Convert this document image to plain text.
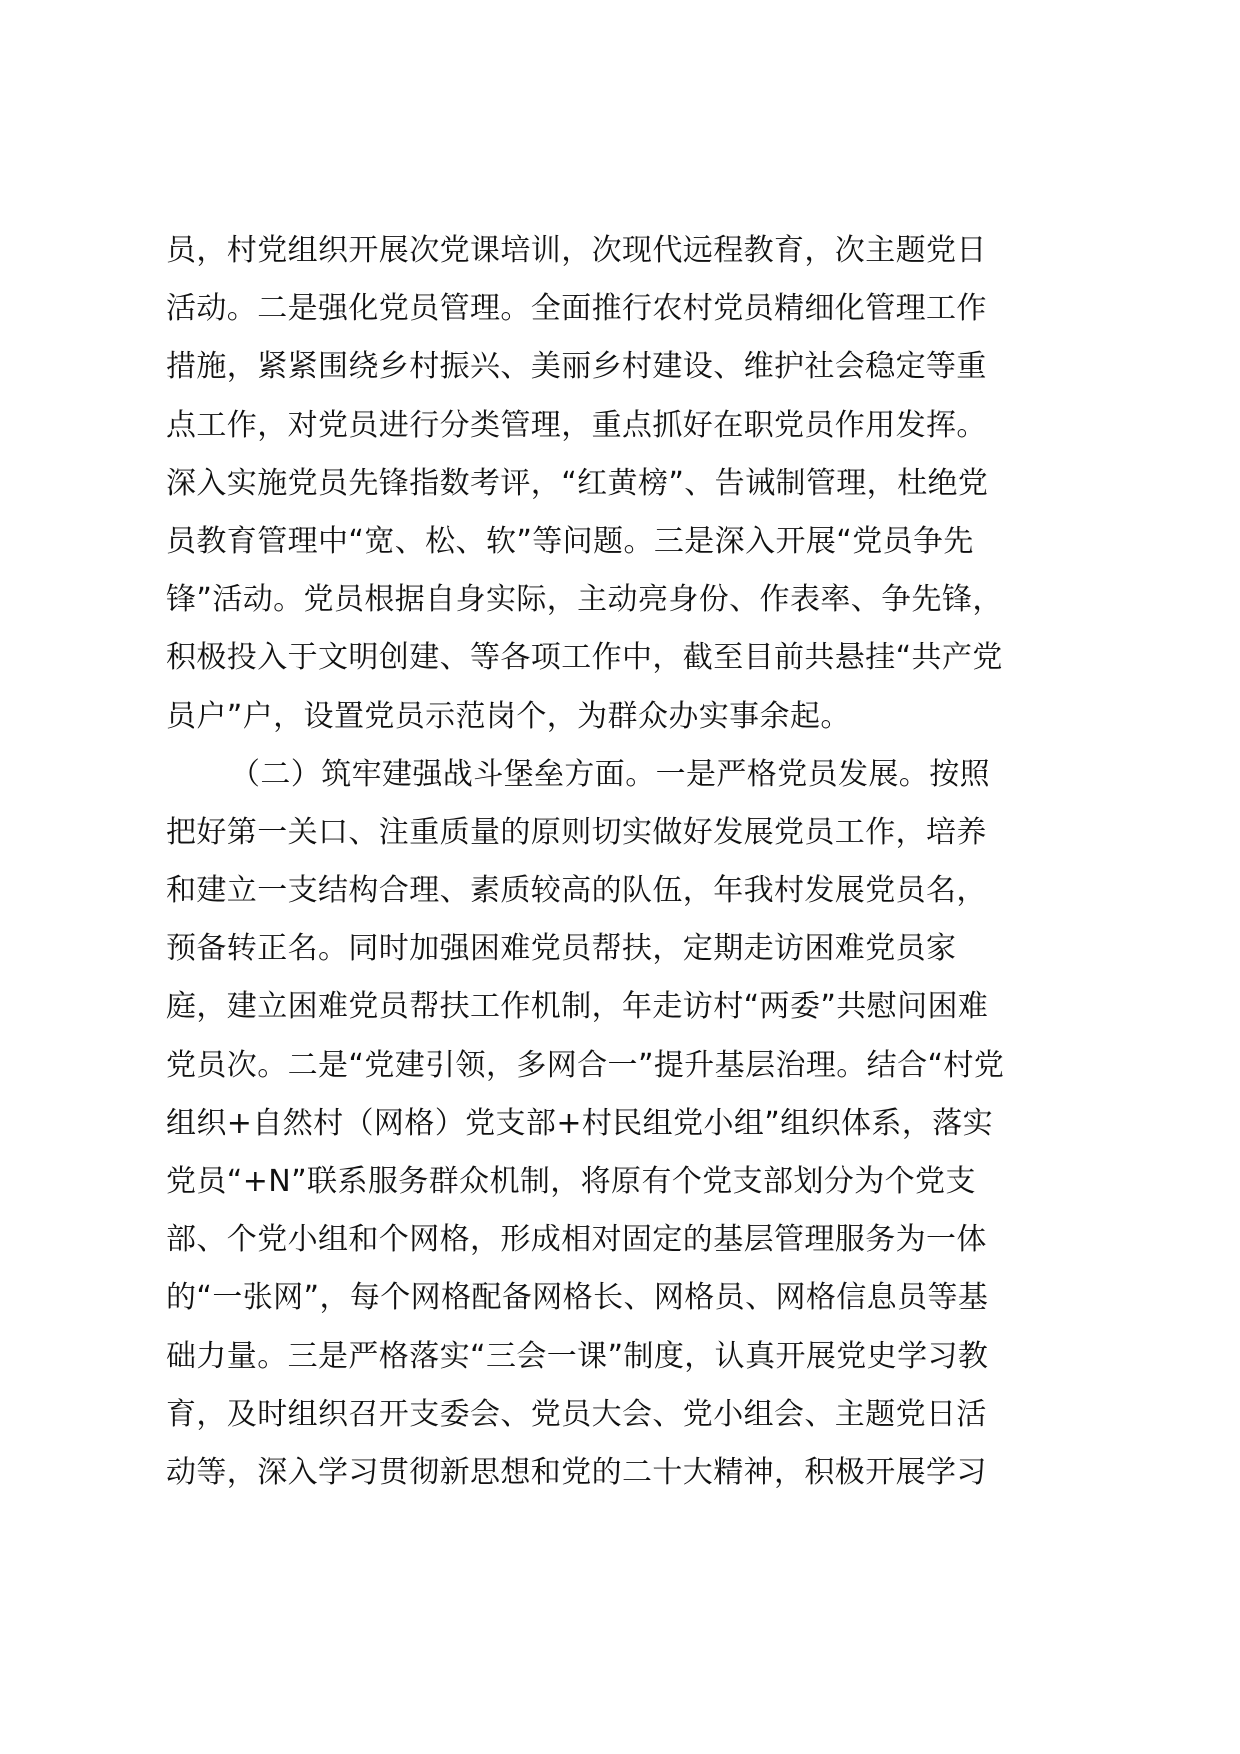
员，村党组织开展次党课培训，次现代远程教育，次主题党日
活动。二是强化党员管理。全面推行农村党员精细化管理工作
措施，紧紧围绕乡村振兴、美丽乡村建设、维护社会稳定等重
点工作，对党员进行分类管理，重点抓好在职党员作用发挥。
深入实施党员先锋指数考评，“红黄榜”、告诫制管理，杜绝党
员教育管理中“宽、松、软”等问题。三是深入开展“党员争先
锋”活动。党员根据自身实际，主动亮身份、作表率、争先锋，
积极投入于文明创建、等各项工作中，截至目前共悬挂“共产党
员户”户，设置党员示范岗个，为群众办实事余起。
（二）筑牢建强战斗堡垒方面。一是严格党员发展。按照
把好第一关口、注重质量的原则切实做好发展党员工作，培养
和建立一支结构合理、素质较高的队伍，年我村发展党员名，
预备转正名。同时加强困难党员帮扶，定期走访困难党员家
庭，建立困难党员帮扶工作机制，年走访村“两委”共慰问困难
党员次。二是“党建引领，多网合一”提升基层治理。结合“村党
组织+自然村（网格）党支部+村民组党小组”组织体系，落实
党员“+N”联系服务群众机制，将原有个党支部划分为个党支
部、个党小组和个网格，形成相对固定的基层管理服务为一体
的“一张网”，每个网格配备网格长、网格员、网格信息员等基
础力量。三是严格落实“三会一课”制度，认真开展党史学习教
育，及时组织召开支委会、党员大会、党小组会、主题党日活
动等，深入学习贯彻新思想和党的二十大精神，积极开展学习
